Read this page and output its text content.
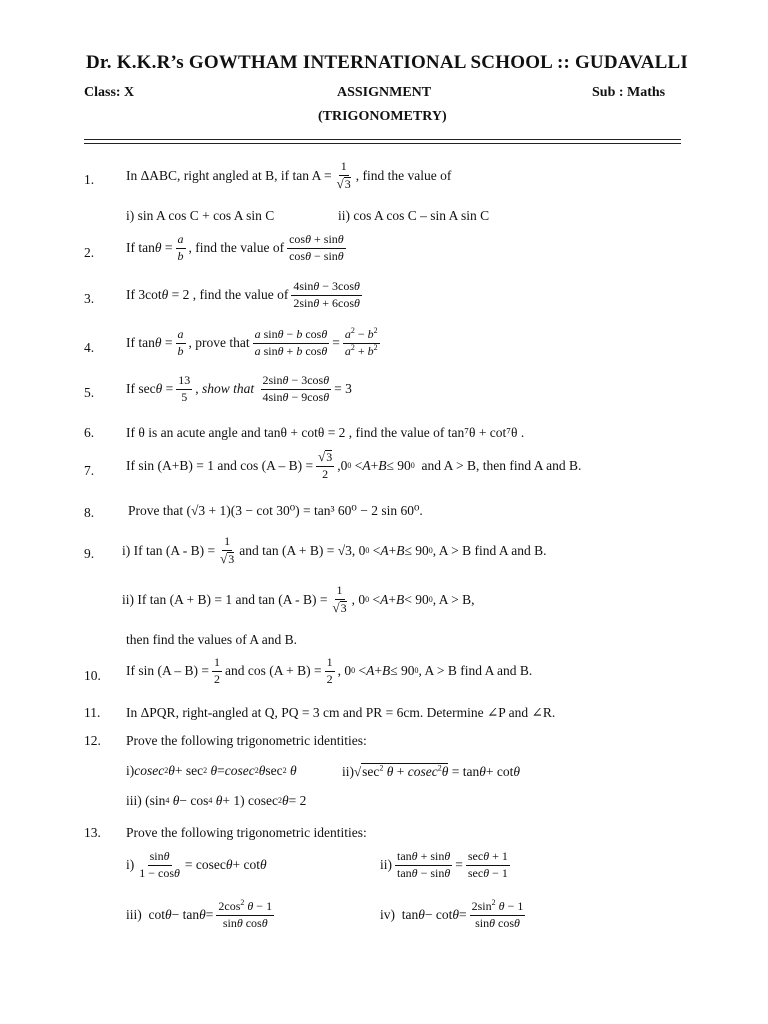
Dr. K.K.R’s GOWTHAM INTERNATIONAL SCHOOL :: GUDAVALLI
Class: X	ASSIGNMENT	Sub : Maths
(TRIGONOMETRY)
1. In ΔABC, right angled at B, if tan A =
1
√3
, find the value of
i) sin A cos C + cos A sin C	ii) cos A cos C – sin A sin C
2. If tan θ =
a
b
, find the value of
cosθ + sinθ
cosθ − sinθ
3. If 3cot θ = 2 , find the value of
4sinθ − 3cosθ
2sinθ + 6cosθ
4. If tan θ =
a
b
, prove that
a sinθ − b cosθ
a sinθ + b cosθ
=
$a^2 - b^2$
$a^2 + b^2$
5. If sec θ =
13
5
, show that
2sinθ − 3cosθ
4sinθ − 9cosθ
= 3
6. If θ is an acute angle and tanθ + cotθ = 2 , find the value of tan⁷θ + cot⁷θ .
7. If sin (A+B) = 1 and cos (A – B) =
√3
2
,0 0 < A + B ≤ 90 0 and A > B, then find A and B.
8.	Prove that (√3 + 1)(3 − cot 30⁰) = tan³ 60⁰ − 2 sin 60⁰.
9. i) If tan (A - B) =
1
√3
and tan (A + B) = √3, 0 0 < A + B ≤ 90 0 , A > B find A and B.
ii) If tan (A + B) = 1 and tan (A - B) =
1
√3
, 0 0 < A + B < 90 0 , A > B,
then find the values of A and B.
10. If sin (A – B) =
1
2
and cos (A + B) =
1
2
, 0 0 < A + B ≤ 90 0 , A > B find A and B.
11. In ΔPQR, right-angled at Q, PQ = 3 cm and PR = 6cm. Determine ∠P and ∠R.
12. Prove the following trigonometric identities:
i) cosec 2 θ + sec 2
θ = cosec 2 θ sec 2
θ	ii) √ $\sec^2 \theta + cosec^2\theta = \tan \theta + \cot \theta$
iii) (sin 4
θ − cos 4
θ + 1) cosec 2 θ = 2
13. Prove the following trigonometric identities:
i)
sinθ
1 − cosθ
= cosec θ + cot θ	ii)
tanθ + sinθ
tanθ − sinθ
=
secθ + 1
secθ − 1
iii)  cot θ − tan θ =
$2\cos^2$ θ − 1
sinθ cosθ
iv)  tan θ − cot θ =
$2\sin^2$ θ − 1
sinθ cosθ
